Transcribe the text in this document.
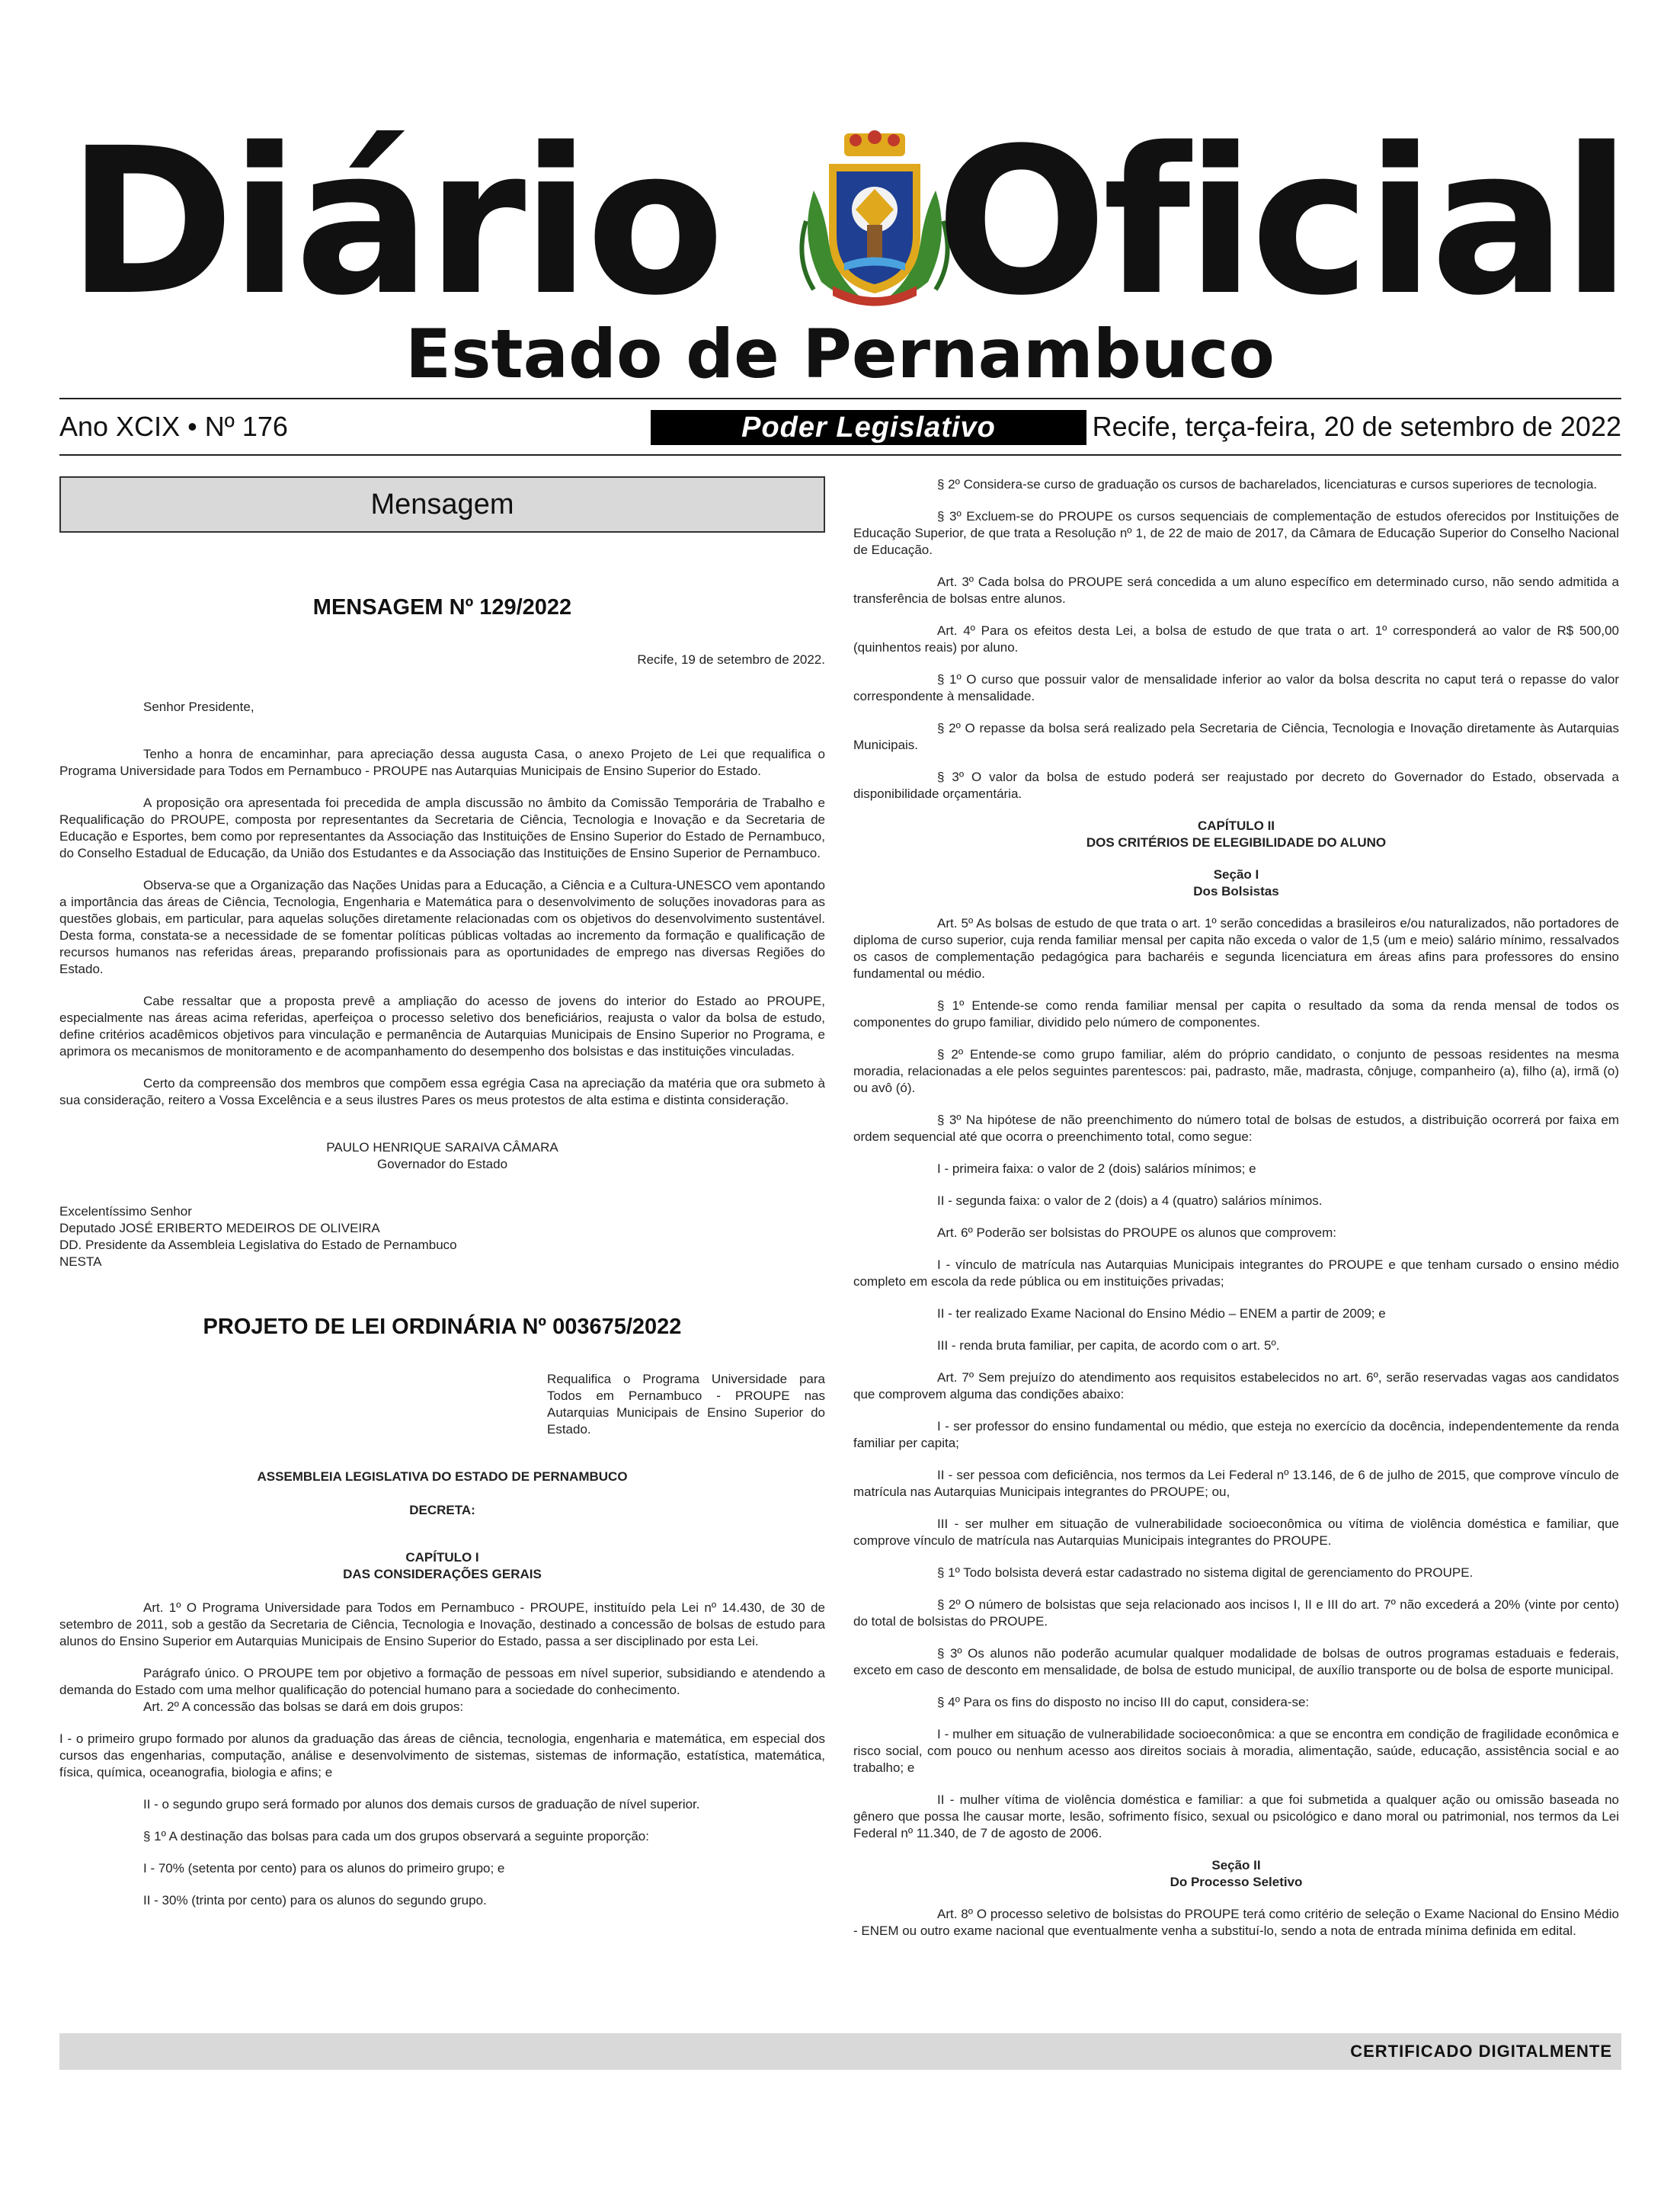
Diário Oficial
Estado de Pernambuco
Ano XCIX • Nº 176	Poder Legislativo	Recife, terça-feira, 20 de setembro de 2022
Mensagem
MENSAGEM Nº 129/2022
Recife, 19 de setembro de 2022.

Senhor Presidente,

Tenho a honra de encaminhar, para apreciação dessa augusta Casa, o anexo Projeto de Lei que requalifica o Programa Universidade para Todos em Pernambuco - PROUPE nas Autarquias Municipais de Ensino Superior do Estado.

A proposição ora apresentada foi precedida de ampla discussão no âmbito da Comissão Temporária de Trabalho e Requalificação do PROUPE, composta por representantes da Secretaria de Ciência, Tecnologia e Inovação e da Secretaria de Educação e Esportes, bem como por representantes da Associação das Instituições de Ensino Superior do Estado de Pernambuco, do Conselho Estadual de Educação, da União dos Estudantes e da Associação das Instituições de Ensino Superior de Pernambuco.

Observa-se que a Organização das Nações Unidas para a Educação, a Ciência e a Cultura-UNESCO vem apontando a importância das áreas de Ciência, Tecnologia, Engenharia e Matemática para o desenvolvimento de soluções inovadoras para as questões globais, em particular, para aquelas soluções diretamente relacionadas com os objetivos do desenvolvimento sustentável. Desta forma, constata-se a necessidade de se fomentar políticas públicas voltadas ao incremento da formação e qualificação de recursos humanos nas referidas áreas, preparando profissionais para as oportunidades de emprego nas diversas Regiões do Estado.

Cabe ressaltar que a proposta prevê a ampliação do acesso de jovens do interior do Estado ao PROUPE, especialmente nas áreas acima referidas, aperfeiçoa o processo seletivo dos beneficiários, reajusta o valor da bolsa de estudo, define critérios acadêmicos objetivos para vinculação e permanência de Autarquias Municipais de Ensino Superior no Programa, e aprimora os mecanismos de monitoramento e de acompanhamento do desempenho dos bolsistas e das instituições vinculadas.

Certo da compreensão dos membros que compõem essa egrégia Casa na apreciação da matéria que ora submeto à sua consideração, reitero a Vossa Excelência e a seus ilustres Pares os meus protestos de alta estima e distinta consideração.

PAULO HENRIQUE SARAIVA CÂMARA
Governador do Estado
Excelentíssimo Senhor
Deputado JOSÉ ERIBERTO MEDEIROS DE OLIVEIRA
DD. Presidente da Assembleia Legislativa do Estado de Pernambuco
NESTA
PROJETO DE LEI ORDINÁRIA Nº 003675/2022
Requalifica o Programa Universidade para Todos em Pernambuco - PROUPE nas Autarquias Municipais de Ensino Superior do Estado.
ASSEMBLEIA LEGISLATIVA DO ESTADO DE PERNAMBUCO
DECRETA:
CAPÍTULO I
DAS CONSIDERAÇÕES GERAIS

Art. 1º O Programa Universidade para Todos em Pernambuco - PROUPE, instituído pela Lei nº 14.430, de 30 de setembro de 2011, sob a gestão da Secretaria de Ciência, Tecnologia e Inovação, destinado a concessão de bolsas de estudo para alunos do Ensino Superior em Autarquias Municipais de Ensino Superior do Estado, passa a ser disciplinado por esta Lei.

Parágrafo único. O PROUPE tem por objetivo a formação de pessoas em nível superior, subsidiando e atendendo a demanda do Estado com uma melhor qualificação do potencial humano para a sociedade do conhecimento.

Art. 2º A concessão das bolsas se dará em dois grupos:

I - o primeiro grupo formado por alunos da graduação das áreas de ciência, tecnologia, engenharia e matemática, em especial dos cursos das engenharias, computação, análise e desenvolvimento de sistemas, sistemas de informação, estatística, matemática, física, química, oceanografia, biologia e afins; e

II - o segundo grupo será formado por alunos dos demais cursos de graduação de nível superior.

§ 1º A destinação das bolsas para cada um dos grupos observará a seguinte proporção:

I - 70% (setenta por cento) para os alunos do primeiro grupo; e

II - 30% (trinta por cento) para os alunos do segundo grupo.

§ 2º Considera-se curso de graduação os cursos de bacharelados, licenciaturas e cursos superiores de tecnologia.

§ 3º Excluem-se do PROUPE os cursos sequenciais de complementação de estudos oferecidos por Instituições de Educação Superior, de que trata a Resolução nº 1, de 22 de maio de 2017, da Câmara de Educação Superior do Conselho Nacional de Educação.

Art. 3º Cada bolsa do PROUPE será concedida a um aluno específico em determinado curso, não sendo admitida a transferência de bolsas entre alunos.

Art. 4º Para os efeitos desta Lei, a bolsa de estudo de que trata o art. 1º corresponderá ao valor de R$ 500,00 (quinhentos reais) por aluno.

§ 1º O curso que possuir valor de mensalidade inferior ao valor da bolsa descrita no caput terá o repasse do valor correspondente à mensalidade.

§ 2º O repasse da bolsa será realizado pela Secretaria de Ciência, Tecnologia e Inovação diretamente às Autarquias Municipais.

§ 3º O valor da bolsa de estudo poderá ser reajustado por decreto do Governador do Estado, observada a disponibilidade orçamentária.

CAPÍTULO II
DOS CRITÉRIOS DE ELEGIBILIDADE DO ALUNO
Seção I
Dos Bolsistas

Art. 5º As bolsas de estudo de que trata o art. 1º serão concedidas a brasileiros e/ou naturalizados, não portadores de diploma de curso superior, cuja renda familiar mensal per capita não exceda o valor de 1,5 (um e meio) salário mínimo, ressalvados os casos de complementação pedagógica para bacharéis e segunda licenciatura em áreas afins para professores do ensino fundamental ou médio.

§ 1º Entende-se como renda familiar mensal per capita o resultado da soma da renda mensal de todos os componentes do grupo familiar, dividido pelo número de componentes.

§ 2º Entende-se como grupo familiar, além do próprio candidato, o conjunto de pessoas residentes na mesma moradia, relacionadas a ele pelos seguintes parentescos: pai, padrasto, mãe, madrasta, cônjuge, companheiro (a), filho (a), irmã (o) ou avô (ó).

§ 3º Na hipótese de não preenchimento do número total de bolsas de estudos, a distribuição ocorrerá por faixa em ordem sequencial até que ocorra o preenchimento total, como segue:

I - primeira faixa: o valor de 2 (dois) salários mínimos; e

II - segunda faixa: o valor de 2 (dois) a 4 (quatro) salários mínimos.

Art. 6º Poderão ser bolsistas do PROUPE os alunos que comprovem:

I - vínculo de matrícula nas Autarquias Municipais integrantes do PROUPE e que tenham cursado o ensino médio completo em escola da rede pública ou em instituições privadas;

II - ter realizado Exame Nacional do Ensino Médio – ENEM a partir de 2009; e

III - renda bruta familiar, per capita, de acordo com o art. 5º.

Art. 7º Sem prejuízo do atendimento aos requisitos estabelecidos no art. 6º, serão reservadas vagas aos candidatos que comprovem alguma das condições abaixo:

I - ser professor do ensino fundamental ou médio, que esteja no exercício da docência, independentemente da renda familiar per capita;

II - ser pessoa com deficiência, nos termos da Lei Federal nº 13.146, de 6 de julho de 2015, que comprove vínculo de matrícula nas Autarquias Municipais integrantes do PROUPE; ou,

III - ser mulher em situação de vulnerabilidade socioeconômica ou vítima de violência doméstica e familiar, que comprove vínculo de matrícula nas Autarquias Municipais integrantes do PROUPE.

§ 1º Todo bolsista deverá estar cadastrado no sistema digital de gerenciamento do PROUPE.

§ 2º O número de bolsistas que seja relacionado aos incisos I, II e III do art. 7º não excederá a 20% (vinte por cento) do total de bolsistas do PROUPE.

§ 3º Os alunos não poderão acumular qualquer modalidade de bolsas de outros programas estaduais e federais, exceto em caso de desconto em mensalidade, de bolsa de estudo municipal, de auxílio transporte ou de bolsa de esporte municipal.

§ 4º Para os fins do disposto no inciso III do caput, considera-se:

I - mulher em situação de vulnerabilidade socioeconômica: a que se encontra em condição de fragilidade econômica e risco social, com pouco ou nenhum acesso aos direitos sociais à moradia, alimentação, saúde, educação, assistência social e ao trabalho; e

II - mulher vítima de violência doméstica e familiar: a que foi submetida a qualquer ação ou omissão baseada no gênero que possa lhe causar morte, lesão, sofrimento físico, sexual ou psicológico e dano moral ou patrimonial, nos termos da Lei Federal nº 11.340, de 7 de agosto de 2006.

Seção II
Do Processo Seletivo

Art. 8º O processo seletivo de bolsistas do PROUPE terá como critério de seleção o Exame Nacional do Ensino Médio - ENEM ou outro exame nacional que eventualmente venha a substituí-lo, sendo a nota de entrada mínima definida em edital.

CERTIFICADO DIGITALMENTE
